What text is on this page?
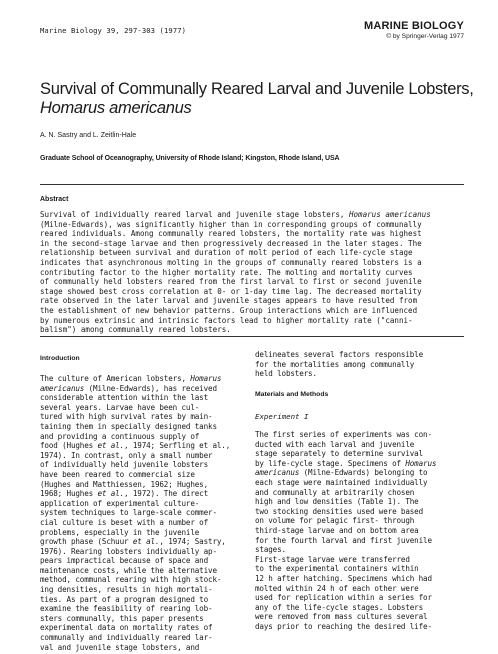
Marine Biology 39, 297-303 (1977)	MARINE BIOLOGY
© by Springer-Verlag 1977
Survival of Communally Reared Larval and Juvenile Lobsters,
Homarus americanus
A. N. Sastry and L. Zeitlin-Hale
Graduate School of Oceanography, University of Rhode Island; Kingston, Rhode Island, USA
Abstract
Survival of individually reared larval and juvenile stage lobsters, Homarus americanus
(Milne-Edwards), was significantly higher than in corresponding groups of communally
reared individuals. Among communally reared lobsters, the mortality rate was highest
in the second-stage larvae and then progressively decreased in the later stages. The
relationship between survival and duration of molt period of each life-cycle stage
indicates that asynchronous molting in the groups of communally reared lobsters is a
contributing factor to the higher mortality rate. The molting and mortality curves
of communally held lobsters reared from the first larval to first or second juvenile
stage showed best cross correlation at 0- or 1-day time lag. The decreased mortality
rate observed in the later larval and juvenile stages appears to have resulted from
the establishment of new behavior patterns. Group interactions which are influenced
by numerous extrinsic and intrinsic factors lead to higher mortality rate ("canni-
balism") among communally reared lobsters.
Introduction
The culture of American lobsters, Homarus
americanus (Milne-Edwards), has received
considerable attention within the last
several years. Larvae have been cul-
tured with high survival rates by main-
taining them in specially designed tanks
and providing a continuous supply of
food (Hughes et al., 1974; Serfling et al.,
1974). In contrast, only a small number
of individually held juvenile lobsters
have been reared to commercial size
(Hughes and Matthiessen, 1962; Hughes,
1968; Hughes et al., 1972). The direct
application of experimental culture-
system techniques to large-scale commer-
cial culture is beset with a number of
problems, especially in the juvenile
growth phase (Schuur et al., 1974; Sastry,
1976). Rearing lobsters individually ap-
pears impractical because of space and
maintenance costs, while the alternative
method, communal rearing with high stock-
ing densities, results in high mortali-
ties. As part of a program designed to
examine the feasibility of rearing lob-
sters communally, this paper presents
experimental data on mortality rates of
communally and individually reared lar-
val and juvenile stage lobsters, and
delineates several factors responsible
for the mortalities among communally
held lobsters.
Materials and Methods
Experiment I
The first series of experiments was con-
ducted with each larval and juvenile
stage separately to determine survival
by life-cycle stage. Specimens of Homarus
americanus (Milne-Edwards) belonging to
each stage were maintained individually
and communally at arbitrarily chosen
high and low densities (Table 1). The
two stocking densities used were based
on volume for pelagic first- through
third-stage larvae and on bottom area
for the fourth larval and first juvenile
stages.
First-stage larvae were transferred
to the experimental containers within
12 h after hatching. Specimens which had
molted within 24 h of each other were
used for replication within a series for
any of the life-cycle stages. Lobsters
were removed from mass cultures several
days prior to reaching the desired life-
